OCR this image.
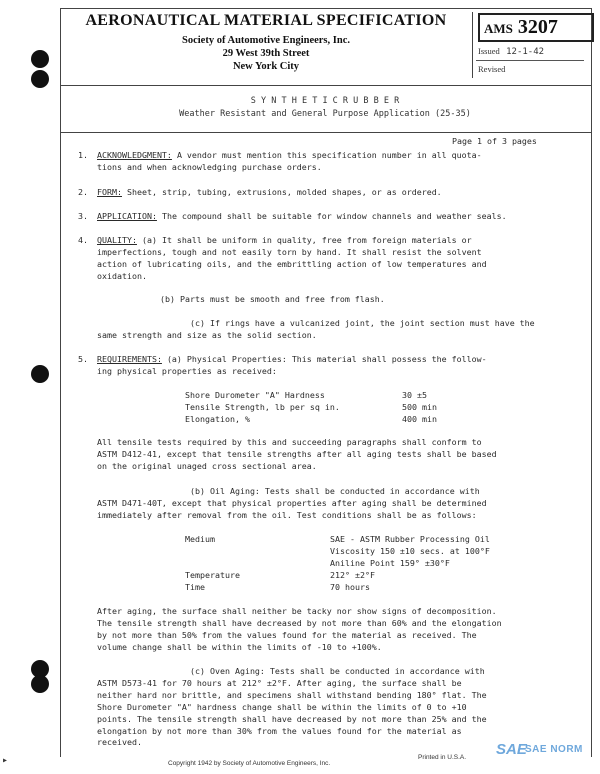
AERONAUTICAL MATERIAL SPECIFICATION
Society of Automotive Engineers, Inc.
29 West 39th Street
New York City
AMS 3207
Issued 12-1-42
Revised
S Y N T H E T I C R U B B E R
Weather Resistant and General Purpose Application (25-35)
Page 1 of 3 pages
1. ACKNOWLEDGMENT: A vendor must mention this specification number in all quota-
tions and when acknowledging purchase orders.
2. FORM: Sheet, strip, tubing, extrusions, molded shapes, or as ordered.
3. APPLICATION: The compound shall be suitable for window channels and weather seals.
4. QUALITY: (a) It shall be uniform in quality, free from foreign materials or
imperfections, tough and not easily torn by hand. It shall resist the solvent
action of lubricating oils, and the embrittling action of low temperatures and
oxidation.
(b) Parts must be smooth and free from flash.
(c) If rings have a vulcanized joint, the joint section must have the
same strength and size as the solid section.
5. REQUIREMENTS: (a) Physical Properties: This material shall possess the follow-
ing physical properties as received:
Shore Durometer "A" Hardness	30 ±5
Tensile Strength, lb per sq in.	500 min
Elongation, %	400 min
All tensile tests required by this and succeeding paragraphs shall conform to
ASTM D412-41, except that tensile strengths after all aging tests shall be based
on the original unaged cross sectional area.
(b) Oil Aging: Tests shall be conducted in accordance with
ASTM D471-40T, except that physical properties after aging shall be determined
immediately after removal from the oil. Test conditions shall be as follows:
Medium	SAE - ASTM Rubber Processing Oil
Viscosity 150 ±10 secs. at 100°F
Aniline Point 159° ±30°F
Temperature	212° ±2°F
Time	70 hours
After aging, the surface shall neither be tacky nor show signs of decomposition.
The tensile strength shall have decreased by not more than 60% and the elongation
by not more than 50% from the values found for the material as received. The
volume change shall be within the limits of -10 to +100%.
(c) Oven Aging: Tests shall be conducted in accordance with
ASTM D573-41 for 70 hours at 212° ±2°F. After aging, the surface shall be
neither hard nor brittle, and specimens shall withstand bending 180° flat. The
Shore Durometer "A" hardness change shall be within the limits of 0 to +10
points. The tensile strength shall have decreased by not more than 25% and the
elongation by not more than 30% from the values found for the material as
received.
Copyright 1942 by Society of Automotive Engineers, Inc.
Printed in U.S.A. SAE
SAE NORM
▸
